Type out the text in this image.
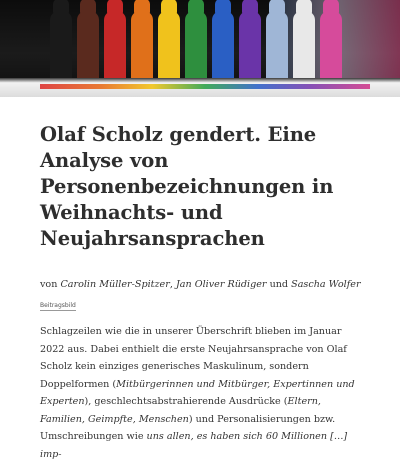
Olaf Scholz gendert. Eine Analyse von Personenbezeichnungen in Weihnachts- und Neujahrsansprachen
von Carolin Müller-Spitzer, Jan Oliver Rüdiger und Sascha Wolfer
Beitragsbild

Schlagzeilen wie die in unserer Überschrift blieben im Januar 2022 aus. Dabei enthielt die erste Neujahrsansprache von Olaf Scholz kein einziges generisches Maskulinum, sondern Doppelformen (Mitbürgerinnen und Mitbürger, Expertinnen und Experten), geschlechtsabstrahierende Ausdrücke (Eltern, Familien, Geimpfte, Menschen) und Personalisierungen bzw. Umschreibungen wie uns allen, es haben sich 60 Millionen […] imp-
